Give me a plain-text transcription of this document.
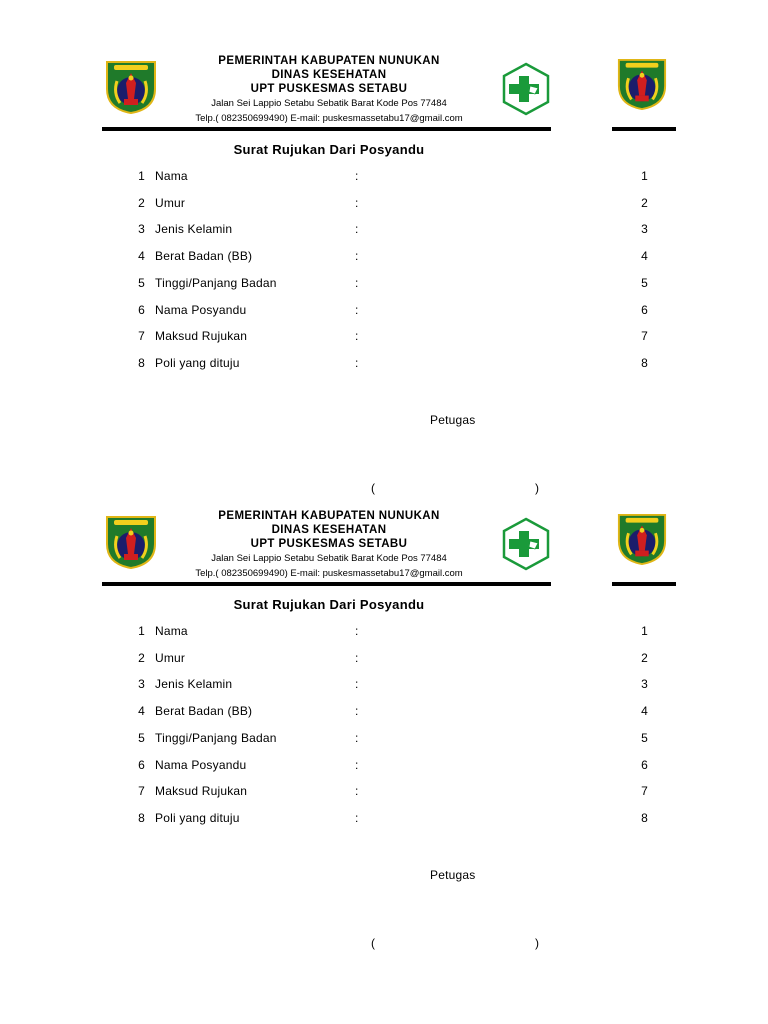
PEMERINTAH KABUPATEN NUNUKAN
DINAS KESEHATAN
UPT PUSKESMAS SETABU
Jalan Sei Lappio Setabu Sebatik Barat Kode Pos 77484
Telp.( 082350699490) E-mail: puskesmassetabu17@gmail.com
Surat Rujukan Dari Posyandu
1 Nama	:	1
2 Umur	:	2
3 Jenis Kelamin	:	3
4 Berat Badan (BB)	:	4
5 Tinggi/Panjang Badan	:	5
6 Nama Posyandu	:	6
7 Maksud Rujukan	:	7
8 Poli yang dituju	:	8
Petugas
(	)
PEMERINTAH KABUPATEN NUNUKAN
DINAS KESEHATAN
UPT PUSKESMAS SETABU
Jalan Sei Lappio Setabu Sebatik Barat Kode Pos 77484
Telp.( 082350699490) E-mail: puskesmassetabu17@gmail.com
Surat Rujukan Dari Posyandu
1 Nama	:	1
2 Umur	:	2
3 Jenis Kelamin	:	3
4 Berat Badan (BB)	:	4
5 Tinggi/Panjang Badan	:	5
6 Nama Posyandu	:	6
7 Maksud Rujukan	:	7
8 Poli yang dituju	:	8
Petugas
(	)
